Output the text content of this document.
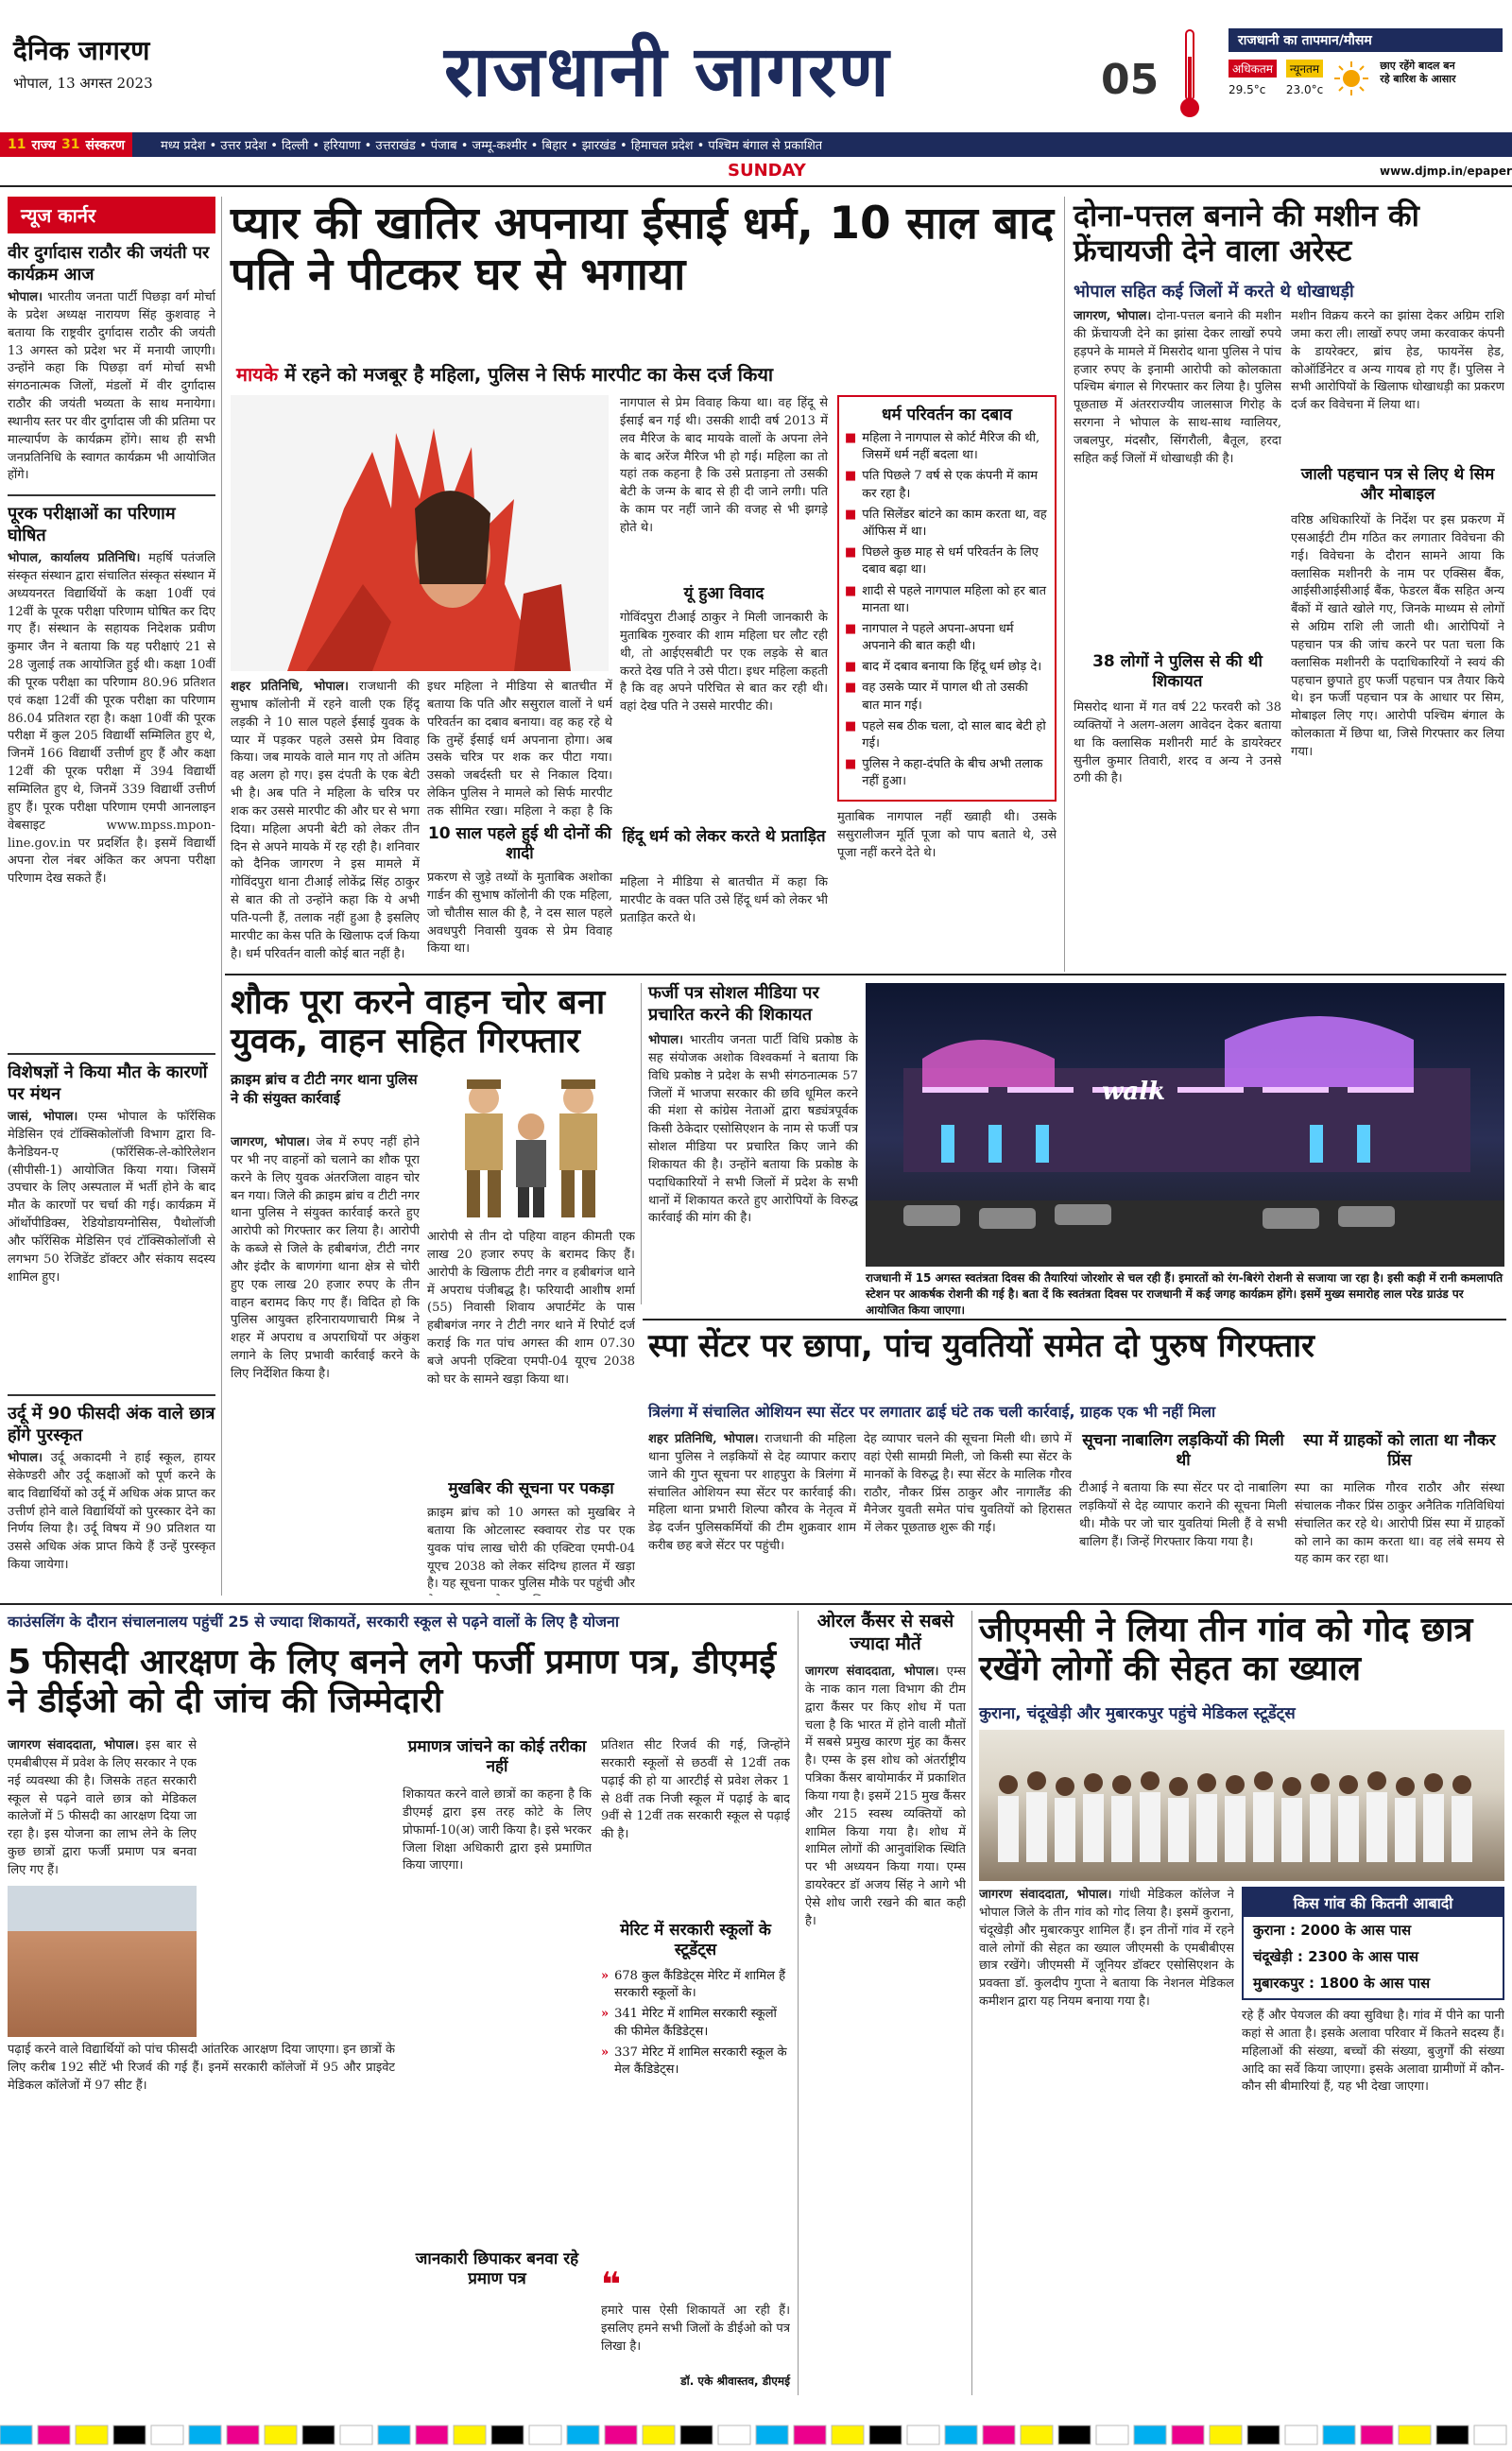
दैनिक जागरण
भोपाल, 13 अगस्त 2023	राजधानी जागरण	05
राजधानी का तापमान/मौसम
अधिकतम
29.5°c
न्यूनतम
23.0°c
छाए रहेंगे बादल बन रहे बारिश के आसार
11 राज्य 31 संस्करण	मध्य प्रदेश • उत्तर प्रदेश • दिल्ली • हरियाणा • उत्तराखंड • पंजाब • जम्मू-कश्मीर • बिहार • झारखंड • हिमाचल प्रदेश • पश्चिम बंगाल से प्रकाशित
SUNDAY	www.djmp.in/epaper
न्यूज कार्नर
वीर दुर्गादास राठौर की जयंती पर कार्यक्रम आज
भोपाल। भारतीय जनता पार्टी पिछड़ा वर्ग मोर्चा के प्रदेश अध्यक्ष नारायण सिंह कुशवाह ने बताया कि राष्ट्रवीर दुर्गादास राठौर की जयंती 13 अगस्त को प्रदेश भर में मनायी जाएगी। उन्होंने कहा कि पिछड़ा वर्ग मोर्चा सभी संगठनात्मक जिलों, मंडलों में वीर दुर्गादास राठौर की जयंती भव्यता के साथ मनायेगा। स्थानीय स्तर पर वीर दुर्गादास जी की प्रतिमा पर माल्यार्पण के कार्यक्रम होंगे। साथ ही सभी जनप्रतिनिधि के स्वागत कार्यक्रम भी आयोजित होंगे।
पूरक परीक्षाओं का परिणाम घोषित
भोपाल, कार्यालय प्रतिनिधि। महर्षि पतंजलि संस्कृत संस्थान द्वारा संचालित संस्कृत संस्थान में अध्ययनरत विद्यार्थियों के कक्षा 10वीं एवं 12वीं के पूरक परीक्षा परिणाम घोषित कर दिए गए हैं। संस्थान के सहायक निदेशक प्रवीण कुमार जैन ने बताया कि यह परीक्षाएं 21 से 28 जुलाई तक आयोजित हुई थी। कक्षा 10वीं की पूरक परीक्षा का परिणाम 80.96 प्रतिशत एवं कक्षा 12वीं की पूरक परीक्षा का परिणाम 86.04 प्रतिशत रहा है। कक्षा 10वीं की पूरक परीक्षा में कुल 205 विद्यार्थी सम्मिलित हुए थे, जिनमें 166 विद्यार्थी उत्तीर्ण हुए हैं और कक्षा 12वीं की पूरक परीक्षा में 394 विद्यार्थी सम्मिलित हुए थे, जिनमें 339 विद्यार्थी उत्तीर्ण हुए हैं। पूरक परीक्षा परिणाम एमपी आनलाइन वेबसाइट www.mpss.mpon-line.gov.in पर प्रदर्शित है। इसमें विद्यार्थी अपना रोल नंबर अंकित कर अपना परीक्षा परिणाम देख सकते हैं।
विशेषज्ञों ने किया मौत के कारणों पर मंथन
जासं, भोपाल। एम्स भोपाल के फॉरेंसिक मेडिसिन एवं टॉक्सिकोलॉजी विभाग द्वारा वि-कैनेडियन-ए (फॉरेंसिक-ले-कोरिलेशन (सीपीसी-1) आयोजित किया गया। जिसमें उपचार के लिए अस्पताल में भर्ती होने के बाद मौत के कारणों पर चर्चा की गई। कार्यक्रम में ऑर्थोपीडिक्स, रेडियोडायग्नोसिस, पैथोलॉजी और फॉरेंसिक मेडिसिन एवं टॉक्सिकोलॉजी से लगभग 50 रेजिडेंट डॉक्टर और संकाय सदस्य शामिल हुए।
उर्दू में 90 फीसदी अंक वाले छात्र होंगे पुरस्कृत
भोपाल। उर्दू अकादमी ने हाई स्कूल, हायर सेकेण्डरी और उर्दू कक्षाओं को पूर्ण करने के बाद विद्यार्थियों को उर्दू में अधिक अंक प्राप्त कर उत्तीर्ण होने वाले विद्यार्थियों को पुरस्कार देने का निर्णय लिया है। उर्दू विषय में 90 प्रतिशत या उससे अधिक अंक प्राप्त किये हैं उन्हें पुरस्कृत किया जायेगा।
प्यार की खातिर अपनाया ईसाई धर्म, 10 साल बाद पति ने पीटकर घर से भगाया
मायके में रहने को मजबूर है महिला, पुलिस ने सिर्फ मारपीट का केस दर्ज किया
शहर प्रतिनिधि, भोपाल। राजधानी की सुभाष कॉलोनी में रहने वाली एक हिंदू लड़की ने 10 साल पहले ईसाई युवक के प्यार में पड़कर पहले उससे प्रेम विवाह किया। जब मायके वाले मान गए तो अंतिम वह अलग हो गए। इस दंपती के एक बेटी भी है। अब पति ने महिला के चरित्र पर शक कर उससे मारपीट की और घर से भगा दिया। महिला अपनी बेटी को लेकर तीन दिन से अपने मायके में रह रही है। शनिवार को दैनिक जागरण ने इस मामले में गोविंदपुरा थाना टीआई लोकेंद्र सिंह ठाकुर से बात की तो उन्होंने कहा कि ये अभी पति-पत्नी हैं, तलाक नहीं हुआ है इसलिए मारपीट का केस पति के खिलाफ दर्ज किया है। धर्म परिवर्तन वाली कोई बात नहीं है।
इधर महिला ने मीडिया से बातचीत में बताया कि पति और ससुराल वालों ने धर्म परिवर्तन का दबाव बनाया। वह कह रहे थे कि तुम्हें ईसाई धर्म अपनाना होगा। अब उसके चरित्र पर शक कर पीटा गया। उसको जबर्दस्ती घर से निकाल दिया। लेकिन पुलिस ने मामले को सिर्फ मारपीट तक सीमित रखा। महिला ने कहा है कि
10 साल पहले हुई थी दोनों की शादी
प्रकरण से जुड़े तथ्यों के मुताबिक अशोका गार्डन की सुभाष कॉलोनी की एक महिला, जो चौतीस साल की है, ने दस साल पहले अवधपुरी निवासी युवक से प्रेम विवाह किया था।
नागपाल से प्रेम विवाह किया था। वह हिंदू से ईसाई बन गई थी। उसकी शादी वर्ष 2013 में लव मैरिज के बाद मायके वालों के अपना लेने के बाद अरेंज मैरिज भी हो गई। महिला का तो यहां तक कहना है कि उसे प्रताड़ना तो उसकी बेटी के जन्म के बाद से ही दी जाने लगी। पति के काम पर नहीं जाने की वजह से भी झगड़े होते थे।
यूं हुआ विवाद
गोविंदपुरा टीआई ठाकुर ने मिली जानकारी के मुताबिक गुरुवार की शाम महिला घर लौट रही थी, तो आईएसबीटी पर एक लड़के से बात करते देख पति ने उसे पीटा। इधर महिला कहती है कि वह अपने परिचित से बात कर रही थी। वहां देख पति ने उससे मारपीट की।
हिंदू धर्म को लेकर करते थे प्रताड़ित
महिला ने मीडिया से बातचीत में कहा कि मारपीट के वक्त पति उसे हिंदू धर्म को लेकर भी प्रताड़ित करते थे।
धर्म परिवर्तन का दबाव
■ महिला ने नागपाल से कोर्ट मैरिज की थी, जिसमें धर्म नहीं बदला था।
■ पति पिछले 7 वर्ष से एक कंपनी में काम कर रहा है।
■ पति सिलेंडर बांटने का काम करता था, वह ऑफिस में था।
■ पिछले कुछ माह से धर्म परिवर्तन के लिए दबाव बढ़ा था।
■ शादी से पहले नागपाल महिला को हर बात मानता था।
■ नागपाल ने पहले अपना-अपना धर्म अपनाने की बात कही थी।
■ बाद में दबाव बनाया कि हिंदू धर्म छोड़ दे।
■ वह उसके प्यार में पागल थी तो उसकी बात मान गई।
■ पहले सब ठीक चला, दो साल बाद बेटी हो गई।
■ पुलिस ने कहा-दंपति के बीच अभी तलाक नहीं हुआ।
मुताबिक नागपाल नहीं ख्वाही थी। उसके ससुरालीजन मूर्ति पूजा को पाप बताते थे, उसे पूजा नहीं करने देते थे।
दोना-पत्तल बनाने की मशीन की फ्रेंचायजी देने वाला अरेस्ट
भोपाल सहित कई जिलों में करते थे धोखाधड़ी
जागरण, भोपाल। दोना-पत्तल बनाने की मशीन की फ्रेंचायजी देने का झांसा देकर लाखों रुपये हड़पने के मामले में मिसरोद थाना पुलिस ने पांच हजार रुपए के इनामी आरोपी को कोलकाता पश्चिम बंगाल से गिरफ्तार कर लिया है। पुलिस पूछताछ में अंतरराज्यीय जालसाज गिरोह के सरगना ने भोपाल के साथ-साथ ग्वालियर, जबलपुर, मंदसौर, सिंगरौली, बैतूल, हरदा सहित कई जिलों में धोखाधड़ी की है।
38 लोगों ने पुलिस से की थी शिकायत
मिसरोद थाना में गत वर्ष 22 फरवरी को 38 व्यक्तियों ने अलग-अलग आवेदन देकर बताया था कि क्लासिक मशीनरी मार्ट के डायरेक्टर सुनील कुमार तिवारी, शरद व अन्य ने उनसे ठगी की है।
मशीन विक्रय करने का झांसा देकर अग्रिम राशि जमा करा ली। लाखों रुपए जमा करवाकर कंपनी के डायरेक्टर, ब्रांच हेड, फायनेंस हेड, कोऑर्डिनेटर व अन्य गायब हो गए हैं। पुलिस ने सभी आरोपियों के खिलाफ धोखाधड़ी का प्रकरण दर्ज कर विवेचना में लिया था।
जाली पहचान पत्र से लिए थे सिम और मोबाइल
वरिष्ठ अधिकारियों के निर्देश पर इस प्रकरण में एसआईटी टीम गठित कर लगातार विवेचना की गई। विवेचना के दौरान सामने आया कि क्लासिक मशीनरी के नाम पर एक्सिस बैंक, आईसीआईसीआई बैंक, फेडरल बैंक सहित अन्य बैंकों में खाते खोले गए, जिनके माध्यम से लोगों से अग्रिम राशि ली जाती थी। आरोपियों ने पहचान पत्र की जांच करने पर पता चला कि क्लासिक मशीनरी के पदाधिकारियों ने स्वयं की पहचान छुपाते हुए फर्जी पहचान पत्र तैयार किये थे। इन फर्जी पहचान पत्र के आधार पर सिम, मोबाइल लिए गए। आरोपी पश्चिम बंगाल के कोलकाता में छिपा था, जिसे गिरफ्तार कर लिया गया।
शौक पूरा करने वाहन चोर बना युवक, वाहन सहित गिरफ्तार
क्राइम ब्रांच व टीटी नगर थाना पुलिस ने की संयुक्त कार्रवाई
जागरण, भोपाल। जेब में रुपए नहीं होने पर भी नए वाहनों को चलाने का शौक पूरा करने के लिए युवक अंतरजिला वाहन चोर बन गया। जिले की क्राइम ब्रांच व टीटी नगर थाना पुलिस ने संयुक्त कार्रवाई करते हुए आरोपी को गिरफ्तार कर लिया है। आरोपी के कब्जे से जिले के हबीबगंज, टीटी नगर और इंदौर के बाणगंगा थाना क्षेत्र से चोरी हुए एक लाख 20 हजार रुपए के तीन वाहन बरामद किए गए हैं। विदित हो कि पुलिस आयुक्त हरिनारायणाचारी मिश्र ने शहर में अपराध व अपराधियों पर अंकुश लगाने के लिए प्रभावी कार्रवाई करने के लिए निर्देशित किया है।
आरोपी से तीन दो पहिया वाहन कीमती एक लाख 20 हजार रुपए के बरामद किए हैं। आरोपी के खिलाफ टीटी नगर व हबीबगंज थाने में अपराध पंजीबद्ध है। फरियादी आशीष शर्मा (55) निवासी शिवाय अपार्टमेंट के पास हबीबगंज नगर ने टीटी नगर थाने में रिपोर्ट दर्ज कराई कि गत पांच अगस्त की शाम 07.30 बजे अपनी एक्टिवा एमपी-04 यूएच 2038 को घर के सामने खड़ा किया था।
मुखबिर की सूचना पर पकड़ा
क्राइम ब्रांच को 10 अगस्त को मुखबिर ने बताया कि ओटलास्ट स्क्वायर रोड पर एक युवक पांच लाख चोरी की एक्टिवा एमपी-04 यूएच 2038 को लेकर संदिग्ध हालत में खड़ा है। यह सूचना पाकर पुलिस मौके पर पहुंची और
फर्जी पत्र सोशल मीडिया पर प्रचारित करने की शिकायत
भोपाल। भारतीय जनता पार्टी विधि प्रकोष्ठ के सह संयोजक अशोक विश्वकर्मा ने बताया कि विधि प्रकोष्ठ ने प्रदेश के सभी संगठनात्मक 57 जिलों में भाजपा सरकार की छवि धूमिल करने की मंशा से कांग्रेस नेताओं द्वारा षड्यंत्रपूर्वक किसी ठेकेदार एसोसिएशन के नाम से फर्जी पत्र सोशल मीडिया पर प्रचारित किए जाने की शिकायत की है। उन्होंने बताया कि प्रकोष्ठ के पदाधिकारियों ने सभी जिलों में प्रदेश के सभी थानों में शिकायत करते हुए आरोपियों के विरुद्ध कार्रवाई की मांग की है।
walk
राजधानी में 15 अगस्त स्वतंत्रता दिवस की तैयारियां जोरशोर से चल रही हैं। इमारतों को रंग-बिरंगे रोशनी से सजाया जा रहा है। इसी कड़ी में रानी कमलापति स्टेशन पर आकर्षक रोशनी की गई है। बता दें कि स्वतंत्रता दिवस पर राजधानी में कई जगह कार्यक्रम होंगे। इसमें मुख्य समारोह लाल परेड ग्राउंड पर आयोजित किया जाएगा।
स्पा सेंटर पर छापा, पांच युवतियों समेत दो पुरुष गिरफ्तार
त्रिलंगा में संचालित ओशियन स्पा सेंटर पर लगातार ढाई घंटे तक चली कार्रवाई, ग्राहक एक भी नहीं मिला
शहर प्रतिनिधि, भोपाल। राजधानी की महिला थाना पुलिस ने लड़कियों से देह व्यापार कराए जाने की गुप्त सूचना पर शाहपुरा के त्रिलंगा में संचालित ओशियन स्पा सेंटर पर कार्रवाई की। महिला थाना प्रभारी शिल्पा कौरव के नेतृत्व में डेढ़ दर्जन पुलिसकर्मियों की टीम शुक्रवार शाम करीब छह बजे सेंटर पर पहुंची।
देह व्यापार चलने की सूचना मिली थी। छापे में वहां ऐसी सामग्री मिली, जो किसी स्पा सेंटर के मानकों के विरुद्ध है। स्पा सेंटर के मालिक गौरव राठौर, नौकर प्रिंस ठाकुर और नागालैंड की मैनेजर युवती समेत पांच युवतियों को हिरासत में लेकर पूछताछ शुरू की गई।
सूचना नाबालिग लड़कियों की मिली थी
टीआई ने बताया कि स्पा सेंटर पर दो नाबालिग लड़कियों से देह व्यापार कराने की सूचना मिली थी। मौके पर जो चार युवतियां मिली हैं वे सभी बालिग हैं। जिन्हें गिरफ्तार किया गया है।
स्पा में ग्राहकों को लाता था नौकर प्रिंस
स्पा का मालिक गौरव राठौर और संस्था संचालक नौकर प्रिंस ठाकुर अनैतिक गतिविधियां संचालित कर रहे थे। आरोपी प्रिंस स्पा में ग्राहकों को लाने का काम करता था। वह लंबे समय से यह काम कर रहा था।
काउंसलिंग के दौरान संचालनालय पहुंचीं 25 से ज्यादा शिकायतें, सरकारी स्कूल से पढ़ने वालों के लिए है योजना
5 फीसदी आरक्षण के लिए बनने लगे फर्जी प्रमाण पत्र, डीएमई ने डीईओ को दी जांच की जिम्मेदारी
जागरण संवाददाता, भोपाल। इस बार से एमबीबीएस में प्रवेश के लिए सरकार ने एक नई व्यवस्था की है। जिसके तहत सरकारी स्कूल से पढ़ने वाले छात्र को मेडिकल कालेजों में 5 फीसदी का आरक्षण दिया जा रहा है। इस योजना का लाभ लेने के लिए कुछ छात्रों द्वारा फर्जी प्रमाण पत्र बनवा लिए गए हैं।
पढ़ाई करने वाले विद्यार्थियों को पांच फीसदी आंतरिक आरक्षण दिया जाएगा। इन छात्रों के लिए करीब 192 सीटें भी रिजर्व की गई हैं। इनमें सरकारी कॉलेजों में 95 और प्राइवेट मेडिकल कॉलेजों में 97 सीट हैं।
प्रमाणत्र जांचने का कोई तरीका नहीं
शिकायत करने वाले छात्रों का कहना है कि डीएमई द्वारा इस तरह कोटे के लिए प्रोफार्मा-10(अ) जारी किया है। इसे भरकर जिला शिक्षा अधिकारी द्वारा इसे प्रमाणित किया जाएगा।
जानकारी छिपाकर बनवा रहे प्रमाण पत्र
प्रतिशत सीट रिजर्व की गई, जिन्होंने सरकारी स्कूलों से छठवीं से 12वीं तक पढ़ाई की हो या आरटीई से प्रवेश लेकर 1 से 8वीं तक निजी स्कूल में पढ़ाई के बाद 9वीं से 12वीं तक सरकारी स्कूल से पढ़ाई की है।
मेरिट में सरकारी स्कूलों के स्टूडेंट्स
» 678 कुल कैंडिडेट्स मेरिट में शामिल हैं सरकारी स्कूलों के।
» 341 मेरिट में शामिल सरकारी स्कूलों की फीमेल कैंडिडेट्स।
» 337 मेरिट में शामिल सरकारी स्कूल के मेल कैंडिडेट्स।
❝
हमारे पास ऐसी शिकायतें आ रही हैं। इसलिए हमने सभी जिलों के डीईओ को पत्र लिखा है।
डॉ. एके श्रीवास्तव, डीएमई
ओरल कैंसर से सबसे ज्यादा मौतें
जागरण संवाददाता, भोपाल। एम्स के नाक कान गला विभाग की टीम द्वारा कैंसर पर किए शोध में पता चला है कि भारत में होने वाली मौतों में सबसे प्रमुख कारण मुंह का कैंसर है। एम्स के इस शोध को अंतर्राष्ट्रीय पत्रिका कैंसर बायोमार्कर में प्रकाशित किया गया है। इसमें 215 मुख कैंसर और 215 स्वस्थ व्यक्तियों को शामिल किया गया है। शोध में शामिल लोगों की आनुवांशिक स्थिति पर भी अध्ययन किया गया। एम्स डायरेक्टर डॉ अजय सिंह ने आगे भी ऐसे शोध जारी रखने की बात कही है।
जीएमसी ने लिया तीन गांव को गोद छात्र रखेंगे लोगों की सेहत का ख्याल
कुराना, चंदूखेड़ी और मुबारकपुर पहुंचे मेडिकल स्टूडेंट्स
जागरण संवाददाता, भोपाल। गांधी मेडिकल कॉलेज ने भोपाल जिले के तीन गांव को गोद लिया है। इसमें कुराना, चंदूखेड़ी और मुबारकपुर शामिल हैं। इन तीनों गांव में रहने वाले लोगों की सेहत का ख्याल जीएमसी के एमबीबीएस छात्र रखेंगे। जीएमसी में जूनियर डॉक्टर एसोसिएशन के प्रवक्ता डॉ. कुलदीप गुप्ता ने बताया कि नेशनल मेडिकल कमीशन द्वारा यह नियम बनाया गया है।
किस गांव की कितनी आबादी
कुराना : 2000 के आस पास
चंदूखेड़ी : 2300 के आस पास
मुबारकपुर : 1800 के आस पास
रहे हैं और पेयजल की क्या सुविधा है। गांव में पीने का पानी कहां से आता है। इसके अलावा परिवार में कितने सदस्य हैं। महिलाओं की संख्या, बच्चों की संख्या, बुजुर्गों की संख्या आदि का सर्वे किया जाएगा। इसके अलावा ग्रामीणों में कौन-कौन सी बीमारियां हैं, यह भी देखा जाएगा।
